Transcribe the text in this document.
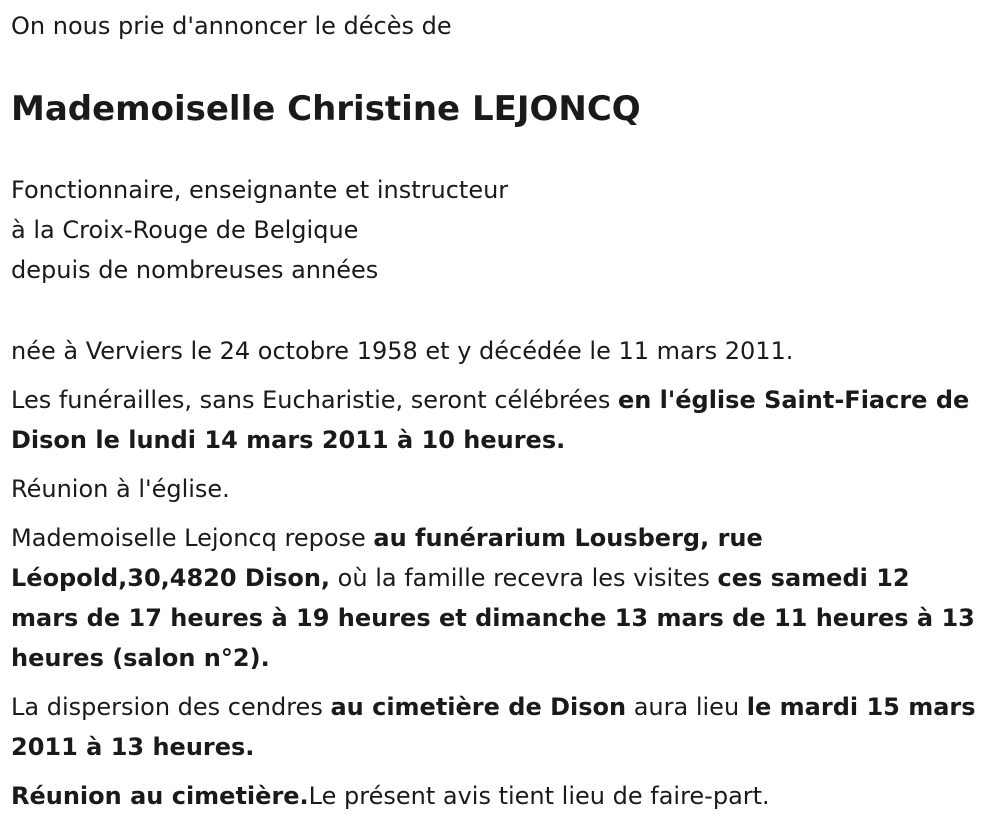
On nous prie d'annoncer le décès de

Mademoiselle Christine LEJONCQ

Fonctionnaire, enseignante et instructeur

à la Croix-Rouge de Belgique

depuis de nombreuses années

née à Verviers le 24 octobre 1958 et y décédée le 11 mars 2011.

Les funérailles, sans Eucharistie, seront célébrées en l'église Saint-Fiacre de Dison le lundi 14 mars 2011 à 10 heures.

Réunion à l'église.

Mademoiselle Lejoncq repose au funérarium Lousberg, rue Léopold,30,4820 Dison, où la famille recevra les visites ces samedi 12 mars de 17 heures à 19 heures et dimanche 13 mars de 11 heures à 13 heures (salon n°2).

La dispersion des cendres au cimetière de Dison aura lieu le mardi 15 mars 2011 à 13 heures.

Réunion au cimetière.Le présent avis tient lieu de faire-part.
